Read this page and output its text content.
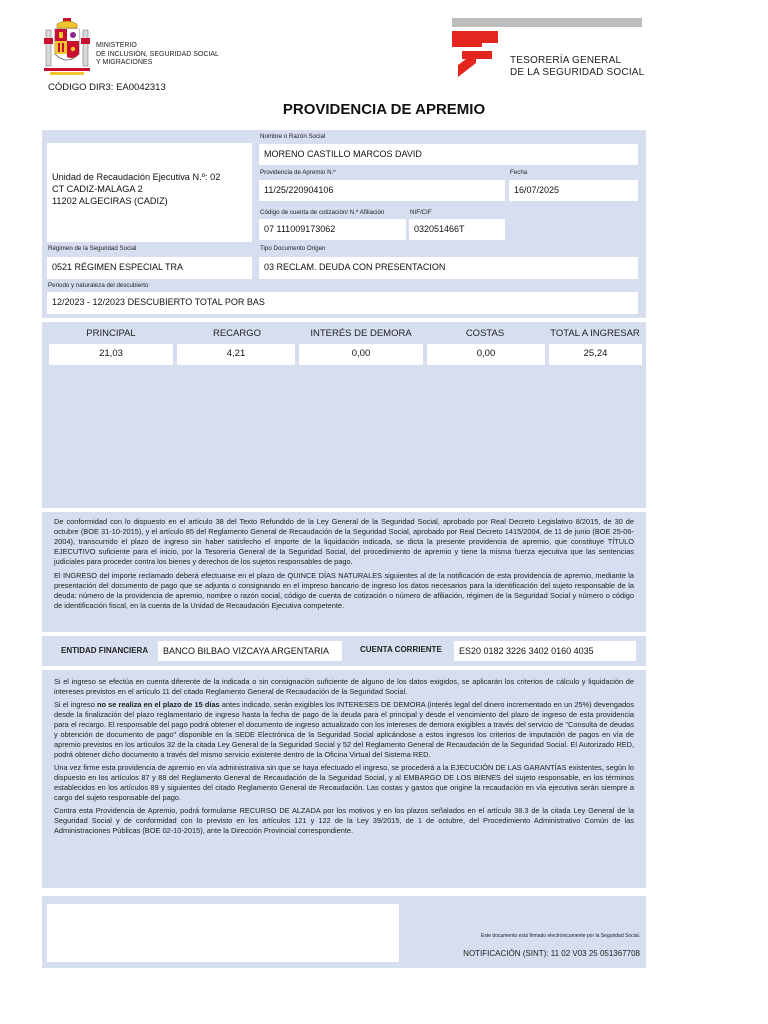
MINISTERIO
DE INCLUSIÓN, SEGURIDAD SOCIAL
Y MIGRACIONES
CÓDIGO DIR3: EA0042313
TESORERÍA GENERAL
DE LA SEGURIDAD SOCIAL
PROVIDENCIA DE APREMIO
Unidad de Recaudación Ejecutiva N.º: 02
CT CADIZ-MALAGA 2
11202 ALGECIRAS (CADIZ)
Nombre o Razón Social
MORENO CASTILLO MARCOS DAVID
Providencia de Apremio N.º
11/25/220904106
Fecha
16/07/2025
Código de cuenta de cotización/ N.º Afiliación
07 111009173062
NIF/CIF
032051466T
Régimen de la Seguridad Social
0521 RÉGIMEN ESPECIAL TRA
Tipo Documento Origen
03 RECLAM. DEUDA CON PRESENTACION
Periodo y naturaleza del descubierto
12/2023 - 12/2023 DESCUBIERTO TOTAL POR BAS
PRINCIPAL	RECARGO	INTERÉS DE DEMORA	COSTAS	TOTAL A INGRESAR
21,03	4,21	0,00	0,00	25,24

De conformidad con lo dispuesto en el artículo 38 del Texto Refundido de la Ley General de la Seguridad Social, aprobado por Real Decreto Legislativo 8/2015, de 30 de octubre (BOE 31-10-2015), y el artículo 85 del Reglamento General de Recaudación de la Seguridad Social, aprobado por Real Decreto 1415/2004, de 11 de junio (BOE 25-06-2004), transcurrido el plazo de ingreso sin haber satisfecho el importe de la liquidación indicada, se dicta la presente providencia de apremio, que constituye TÍTULO EJECUTIVO suficiente para el inicio, por la Tesorería General de la Seguridad Social, del procedimiento de apremio y tiene la misma fuerza ejecutiva que las sentencias judiciales para proceder contra los bienes y derechos de los sujetos responsables de pago.

El INGRESO del importe reclamado deberá efectuarse en el plazo de QUINCE DÍAS NATURALES siguientes al de la notificación de esta providencia de apremio, mediante la presentación del documento de pago que se adjunta o consignando en el impreso bancario de ingreso los datos necesarios para la identificación del sujeto responsable de la deuda: número de la providencia de apremio, nombre o razón social, código de cuenta de cotización o número de afiliación, régimen de la Seguridad Social y número o código de identificación fiscal, en la cuenta de la Unidad de Recaudación Ejecutiva competente.

ENTIDAD FINANCIERA	BANCO BILBAO VIZCAYA ARGENTARIA	CUENTA CORRIENTE	ES20 0182 3226 3402 0160 4035

Si el ingreso se efectúa en cuenta diferente de la indicada o sin consignación suficiente de alguno de los datos exigidos, se aplicarán los criterios de cálculo y liquidación de intereses previstos en el artículo 11 del citado Reglamento General de Recaudación de la Seguridad Social.

Si el ingreso no se realiza en el plazo de 15 días antes indicado, serán exigibles los INTERESES DE DEMORA (interés legal del dinero incrementado en un 25%) devengados desde la finalización del plazo reglamentario de ingreso hasta la fecha de pago de la deuda para el principal y desde el vencimiento del plazo de ingreso de esta providencia para el recargo. El responsable del pago podrá obtener el documento de ingreso actualizado con los intereses de demora exigibles a través del servicio de "Consulta de deudas y obtención de documento de pago" disponible en la SEDE Electrónica de la Seguridad Social aplicándose a estos ingresos los criterios de imputación de pagos en vía de apremio previstos en los artículos 32 de la citada Ley General de la Seguridad Social y 52 del Reglamento General de Recaudación de la Seguridad Social. El Autorizado RED, podrá obtener dicho documento a través del mismo servicio existente dentro de la Oficina Virtual del Sistema RED.

Una vez firme esta providencia de apremio en vía administrativa sin que se haya efectuado el ingreso, se procederá a la EJECUCIÓN DE LAS GARANTÍAS existentes, según lo dispuesto en los artículos 87 y 88 del Reglamento General de Recaudación de la Seguridad Social, y al EMBARGO DE LOS BIENES del sujeto responsable, en los términos establecidos en los artículos 89 y siguientes del citado Reglamento General de Recaudación. Las costas y gastos que origine la recaudación en vía ejecutiva serán siempre a cargo del sujeto responsable del pago.

Contra esta Providencia de Apremio, podrá formularse RECURSO DE ALZADA por los motivos y en los plazos señalados en el artículo 38.3 de la citada Ley General de la Seguridad Social y de conformidad con lo previsto en los artículos 121 y 122 de la Ley 39/2015, de 1 de octubre, del Procedimiento Administrativo Común de las Administraciones Públicas (BOE 02-10-2015), ante la Dirección Provincial correspondiente.

Este documento está firmado electrónicamente por la Seguridad Social.
NOTIFICACIÓN (SINT): 11 02 V03 25 051367708
